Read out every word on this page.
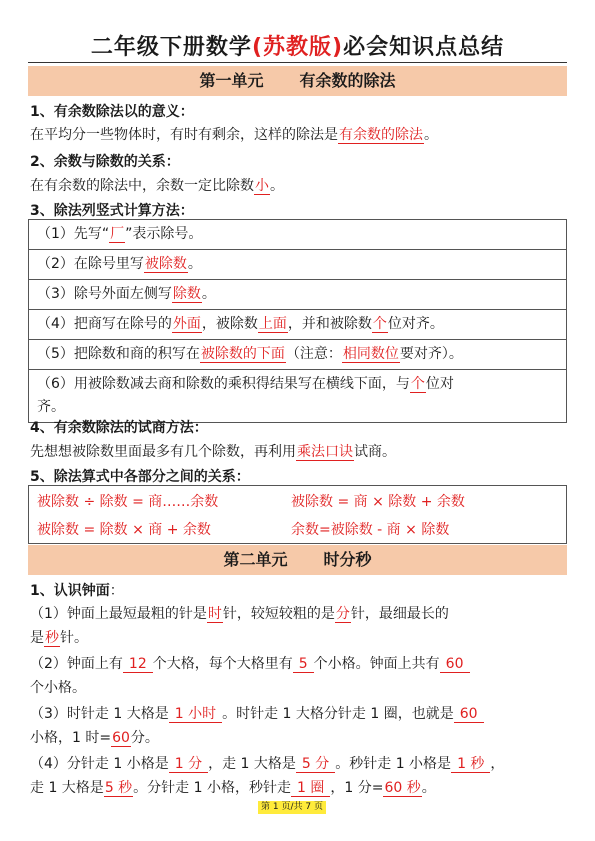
二年级下册数学(苏教版)必会知识点总结
第一单元 有余数的除法
1、有余数除法以的意义：
在平均分一些物体时，有时有剩余，这样的除法是有余数的除法。
2、余数与除数的关系：
在有余数的除法中，余数一定比除数小。
3、除法列竖式计算方法：
（1）先写“厂”表示除号。
（2）在除号里写被除数。
（3）除号外面左侧写除数。
（4）把商写在除号的外面，被除数上面，并和被除数个位对齐。
（5）把除数和商的积写在被除数的下面（注意：相同数位要对齐）。
（6）用被除数减去商和除数的乘积得结果写在横线下面，与个位对
齐。
4、有余数除法的试商方法：
先想想被除数里面最多有几个除数，再利用乘法口诀试商。
5、除法算式中各部分之间的关系：
被除数 ÷ 除数 = 商……余数	被除数 = 商 × 除数 + 余数
被除数 = 除数 × 商 + 余数	余数=被除数 - 商 × 除数
第二单元 时分秒
1、认识钟面：
（1）钟面上最短最粗的针是时针，较短较粗的是分针，最细最长的
是秒针。
（2）钟面上有 12 个大格，每个大格里有 5 个小格。钟面上共有 60
个小格。
（3）时针走 1 大格是 1 小时 。时针走 1 大格分针走 1 圈，也就是 60
小格，1 时=60分。
（4）分针走 1 小格是 1 分 ，走 1 大格是 5 分 。秒针走 1 小格是 1 秒 ，
走 1 大格是5 秒。分针走 1 小格，秒针走 1 圈 ，1 分=60 秒。
第 1 页/共 7 页
